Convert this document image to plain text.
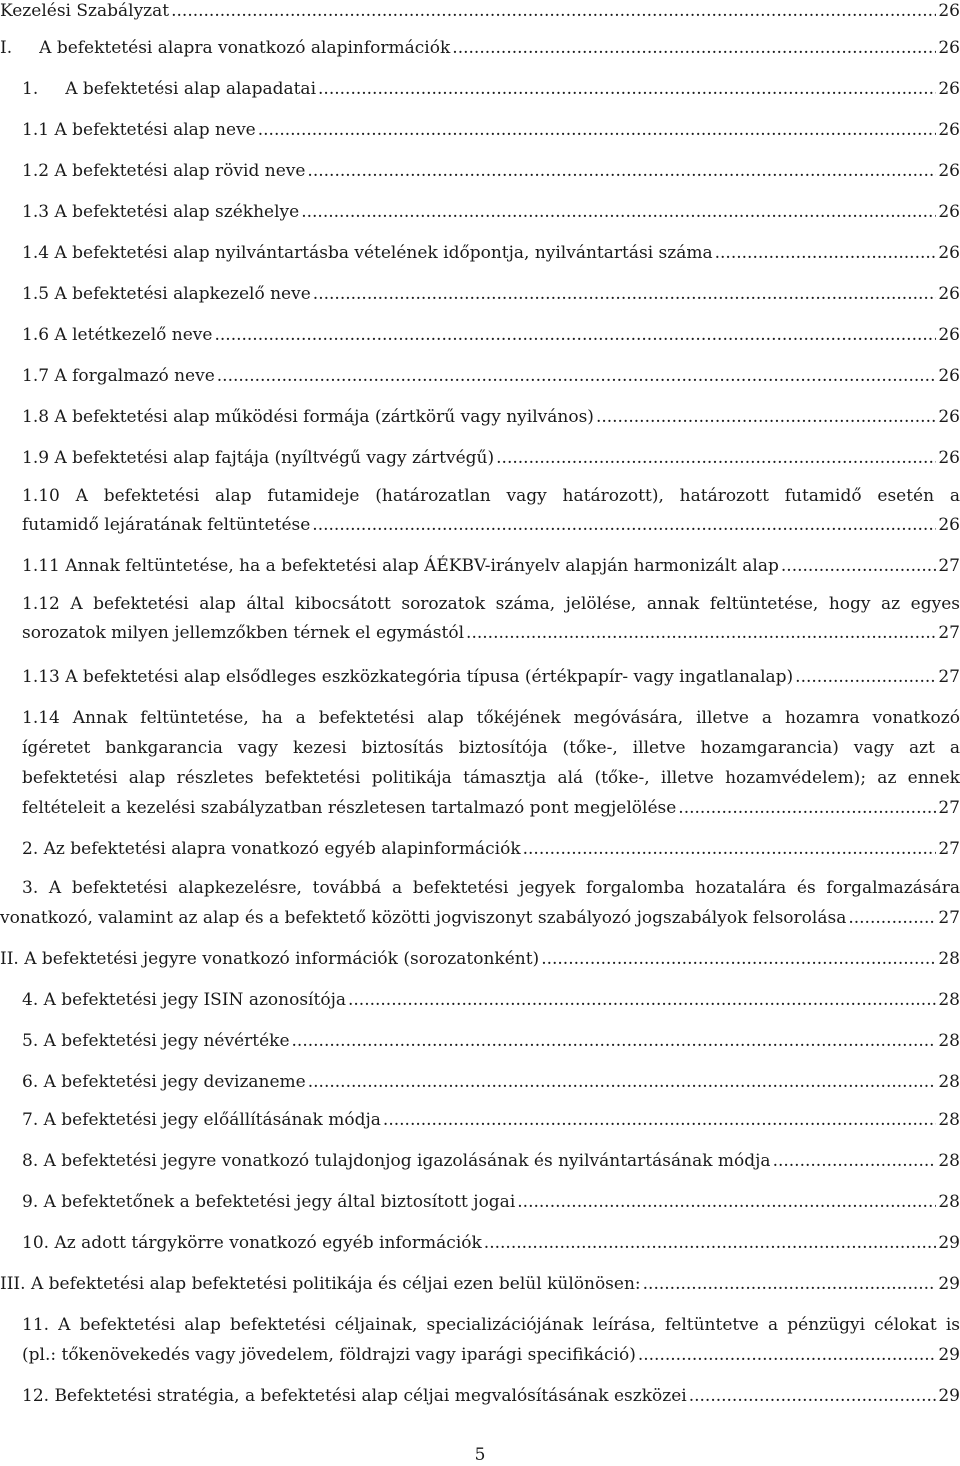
Kezelési Szabályzat .....	26
I.     A befektetési alapra vonatkozó alapinformációk .....	26
1.     A befektetési alap alapadatai .....	26
1.1 A befektetési alap neve .....	26
1.2 A befektetési alap rövid neve .....	26
1.3 A befektetési alap székhelye .....	26
1.4 A befektetési alap nyilvántartásba vételének időpontja, nyilvántartási száma .....	26
1.5 A befektetési alapkezelő neve .....	26
1.6 A letétkezelő neve .....	26
1.7 A forgalmazó neve .....	26
1.8 A befektetési alap működési formája (zártkörű vagy nyilvános) .....	26
1.9 A befektetési alap fajtája (nyíltvégű vagy zártvégű) .....	26
1.10 A befektetési alap futamideje (határozatlan vagy határozott), határozott futamidő esetén a
futamidő lejáratának feltüntetése .....	26
1.11 Annak feltüntetése, ha a befektetési alap ÁÉKBV-irányelv alapján harmonizált alap .....	27
1.12 A befektetési alap által kibocsátott sorozatok száma, jelölése, annak feltüntetése, hogy az egyes
sorozatok milyen jellemzőkben térnek el egymástól .....	27
1.13 A befektetési alap elsődleges eszközkategória típusa (értékpapír- vagy ingatlanalap) .....	27
1.14 Annak feltüntetése, ha a befektetési alap tőkéjének megóvására, illetve a hozamra vonatkozó
ígéretet bankgarancia vagy kezesi biztosítás biztosítója (tőke-, illetve hozamgarancia) vagy azt a
befektetési alap részletes befektetési politikája támasztja alá (tőke-, illetve hozamvédelem); az ennek
feltételeit a kezelési szabályzatban részletesen tartalmazó pont megjelölése .....	27
2. Az befektetési alapra vonatkozó egyéb alapinformációk .....	27
3. A befektetési alapkezelésre, továbbá a befektetési jegyek forgalomba hozatalára és forgalmazására
vonatkozó, valamint az alap és a befektető közötti jogviszonyt szabályozó jogszabályok felsorolása .....	27
II. A befektetési jegyre vonatkozó információk (sorozatonként) .....	28
4. A befektetési jegy ISIN azonosítója .....	28
5. A befektetési jegy névértéke .....	28
6. A befektetési jegy devizaneme .....	28
7. A befektetési jegy előállításának módja .....	28
8. A befektetési jegyre vonatkozó tulajdonjog igazolásának és nyilvántartásának módja .....	28
9. A befektetőnek a befektetési jegy által biztosított jogai .....	28
10. Az adott tárgykörre vonatkozó egyéb információk .....	29
III. A befektetési alap befektetési politikája és céljai ezen belül különösen: .....	29
11. A befektetési alap befektetési céljainak, specializációjának leírása, feltüntetve a pénzügyi célokat is
(pl.: tőkenövekedés vagy jövedelem, földrajzi vagy iparági specifikáció) .....	29
12. Befektetési stratégia, a befektetési alap céljai megvalósításának eszközei .....	29
5
